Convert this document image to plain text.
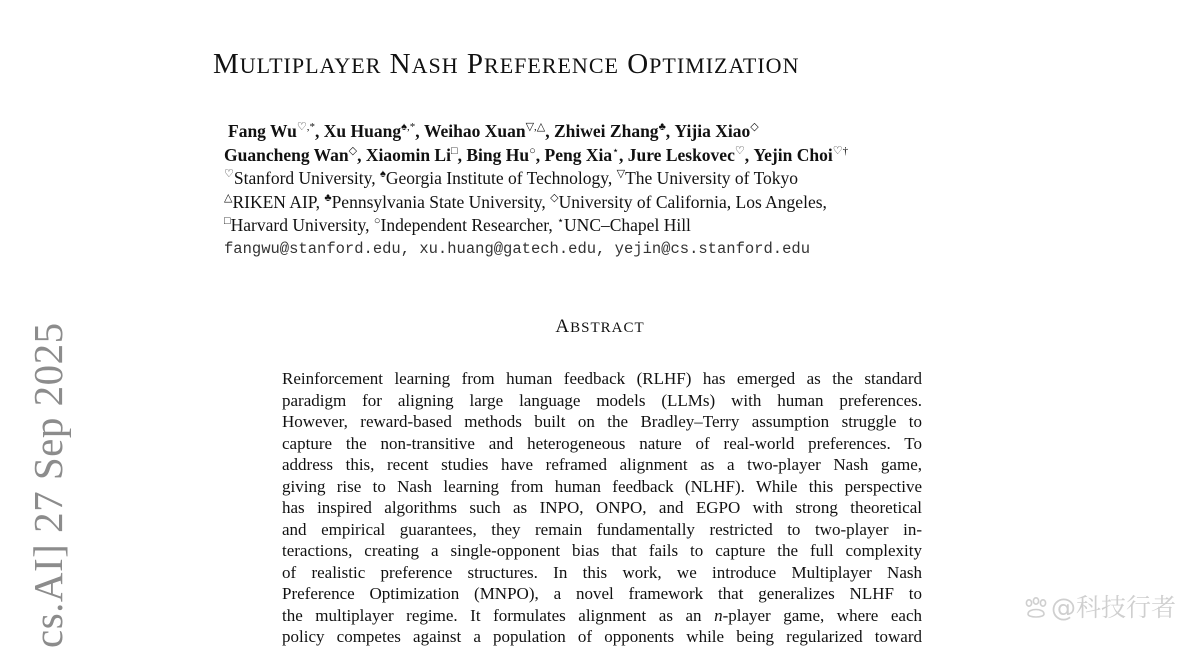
MULTIPLAYER NASH PREFERENCE OPTIMIZATION
Fang Wu♡,*, Xu Huang♠,*, Weihao Xuan▽,△, Zhiwei Zhang♣, Yijia Xiao◇
Guancheng Wan◇, Xiaomin Li□, Bing Hu○, Peng Xia⋆, Jure Leskovec♡, Yejin Choi♡†
♡Stanford University, ♠Georgia Institute of Technology, ▽The University of Tokyo
△RIKEN AIP, ♣Pennsylvania State University, ◇University of California, Los Angeles,
□Harvard University, ○Independent Researcher, ⋆UNC–Chapel Hill
fangwu@stanford.edu, xu.huang@gatech.edu, yejin@cs.stanford.edu
ABSTRACT
Reinforcement learning from human feedback (RLHF) has emerged as the standard
paradigm for aligning large language models (LLMs) with human preferences.
However, reward-based methods built on the Bradley–Terry assumption struggle to
capture the non-transitive and heterogeneous nature of real-world preferences. To
address this, recent studies have reframed alignment as a two-player Nash game,
giving rise to Nash learning from human feedback (NLHF). While this perspective
has inspired algorithms such as INPO, ONPO, and EGPO with strong theoretical
and empirical guarantees, they remain fundamentally restricted to two-player in-
teractions, creating a single-opponent bias that fails to capture the full complexity
of realistic preference structures. In this work, we introduce Multiplayer Nash
Preference Optimization (MNPO), a novel framework that generalizes NLHF to
the multiplayer regime. It formulates alignment as an n-player game, where each
policy competes against a population of opponents while being regularized toward
cs.AI] 27 Sep 2025	@科技行者
